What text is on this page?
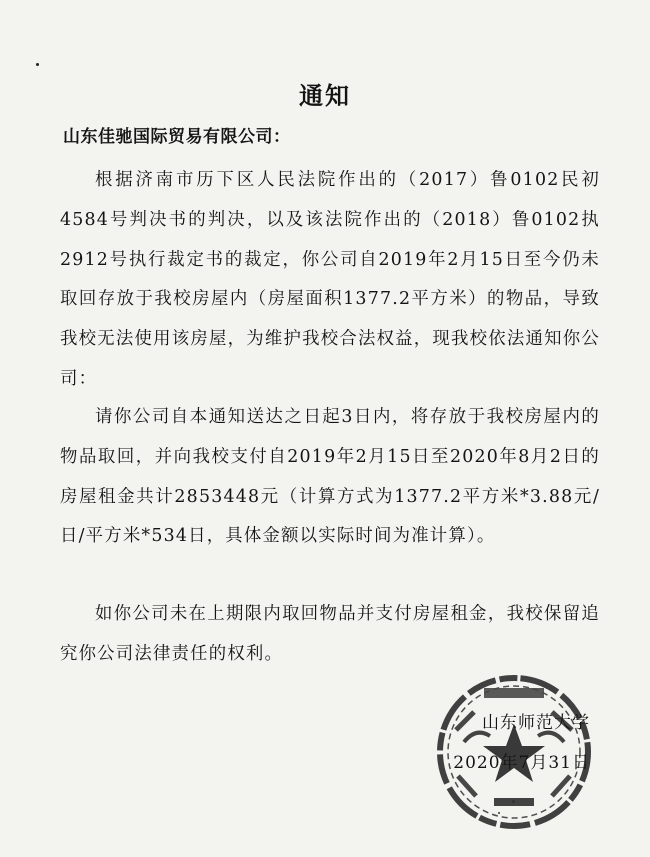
通知

山东佳驰国际贸易有限公司：

根据济南市历下区人民法院作出的（2017）鲁0102民初4584号判决书的判决，以及该法院作出的（2018）鲁0102执2912号执行裁定书的裁定，你公司自2019年2月15日至今仍未取回存放于我校房屋内（房屋面积1377.2平方米）的物品，导致我校无法使用该房屋，为维护我校合法权益，现我校依法通知你公司：

请你公司自本通知送达之日起3日内，将存放于我校房屋内的物品取回，并向我校支付自2019年2月15日至2020年8月2日的房屋租金共计2853448元（计算方式为1377.2平方米*3.88元/日/平方米*534日，具体金额以实际时间为准计算）。

如你公司未在上期限内取回物品并支付房屋租金，我校保留追究你公司法律责任的权利。

山东师范大学

2020年7月31日
